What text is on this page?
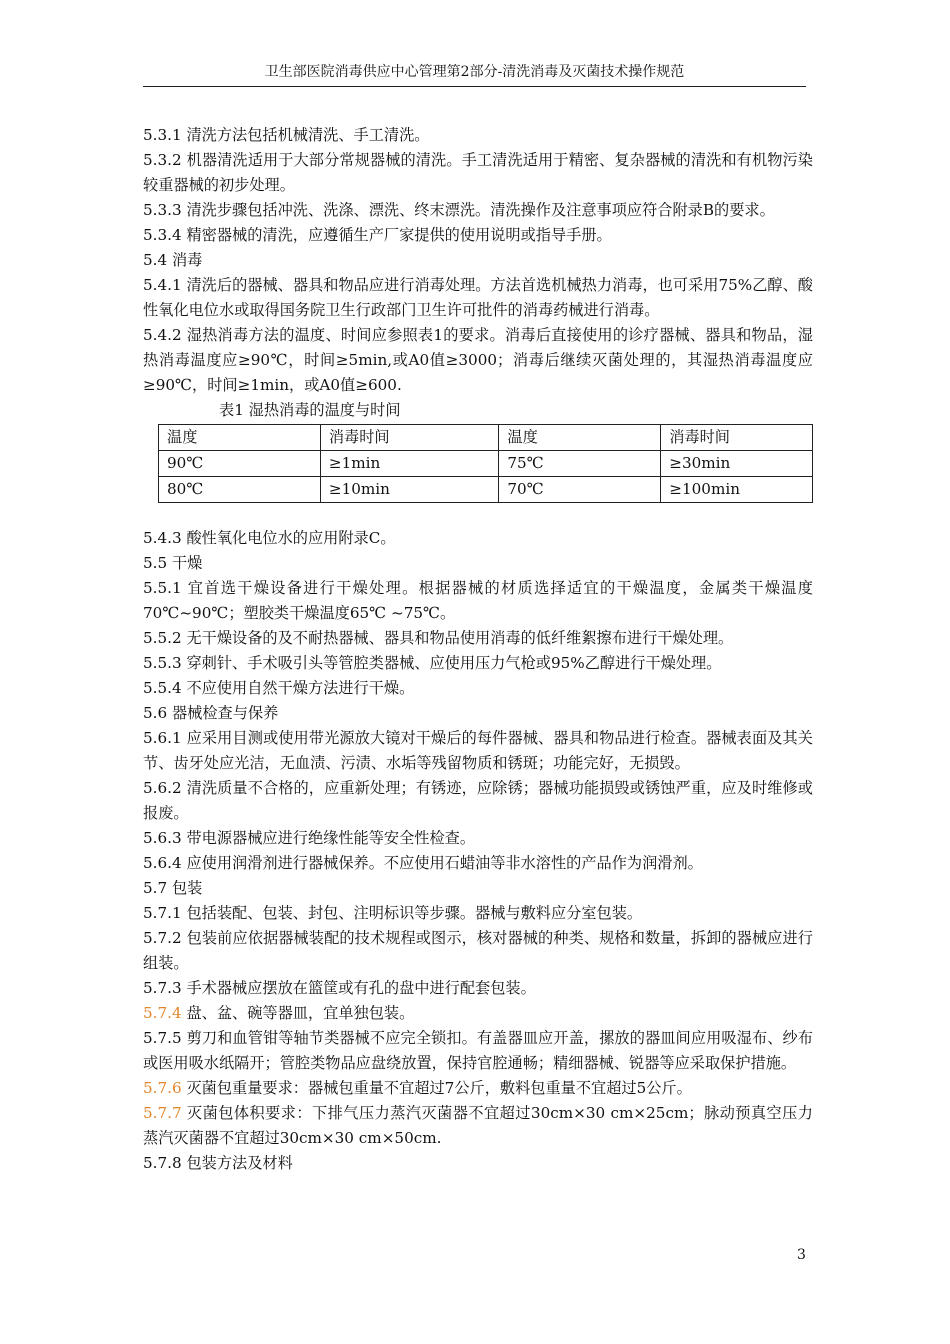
卫生部医院消毒供应中心管理第2部分-清洗消毒及灭菌技术操作规范

5.3.1 清洗方法包括机械清洗、手工清洗。

5.3.2 机器清洗适用于大部分常规器械的清洗。手工清洗适用于精密、复杂器械的清洗和有机物污染较重器械的初步处理。

5.3.3 清洗步骤包括冲洗、洗涤、漂洗、终末漂洗。清洗操作及注意事项应符合附录B的要求。

5.3.4 精密器械的清洗，应遵循生产厂家提供的使用说明或指导手册。

5.4 消毒

5.4.1 清洗后的器械、器具和物品应进行消毒处理。方法首选机械热力消毒，也可采用75%乙醇、酸性氧化电位水或取得国务院卫生行政部门卫生许可批件的消毒药械进行消毒。

5.4.2 湿热消毒方法的温度、时间应参照表1的要求。消毒后直接使用的诊疗器械、器具和物品，湿热消毒温度应≥90℃，时间≥5min,或A0值≥3000；消毒后继续灭菌处理的，其湿热消毒温度应≥90℃，时间≥1min，或A0值≥600.

表1 湿热消毒的温度与时间
温度	消毒时间	温度	消毒时间
90℃	≥1min	75℃	≥30min
80℃	≥10min	70℃	≥100min

5.4.3 酸性氧化电位水的应用附录C。

5.5 干燥

5.5.1 宜首选干燥设备进行干燥处理。根据器械的材质选择适宜的干燥温度，金属类干燥温度70℃~90℃；塑胶类干燥温度65℃ ~75℃。

5.5.2 无干燥设备的及不耐热器械、器具和物品使用消毒的低纤维絮擦布进行干燥处理。

5.5.3 穿刺针、手术吸引头等管腔类器械、应使用压力气枪或95%乙醇进行干燥处理。

5.5.4 不应使用自然干燥方法进行干燥。

5.6 器械检查与保养

5.6.1 应采用目测或使用带光源放大镜对干燥后的每件器械、器具和物品进行检查。器械表面及其关节、齿牙处应光洁，无血渍、污渍、水垢等残留物质和锈斑；功能完好，无损毁。

5.6.2 清洗质量不合格的，应重新处理；有锈迹，应除锈；器械功能损毁或锈蚀严重，应及时维修或报废。

5.6.3 带电源器械应进行绝缘性能等安全性检查。

5.6.4 应使用润滑剂进行器械保养。不应使用石蜡油等非水溶性的产品作为润滑剂。

5.7 包装

5.7.1 包括装配、包装、封包、注明标识等步骤。器械与敷料应分室包装。

5.7.2 包装前应依据器械装配的技术规程或图示，核对器械的种类、规格和数量，拆卸的器械应进行组装。

5.7.3 手术器械应摆放在篮筐或有孔的盘中进行配套包装。

5.7.4 盘、盆、碗等器皿，宜单独包装。

5.7.5 剪刀和血管钳等轴节类器械不应完全锁扣。有盖器皿应开盖，摞放的器皿间应用吸湿布、纱布或医用吸水纸隔开；管腔类物品应盘绕放置，保持官腔通畅；精细器械、锐器等应采取保护措施。

5.7.6 灭菌包重量要求：器械包重量不宜超过7公斤，敷料包重量不宜超过5公斤。

5.7.7 灭菌包体积要求：下排气压力蒸汽灭菌器不宜超过30cm×30 cm×25cm；脉动预真空压力蒸汽灭菌器不宜超过30cm×30 cm×50cm.

5.7.8 包装方法及材料

3
